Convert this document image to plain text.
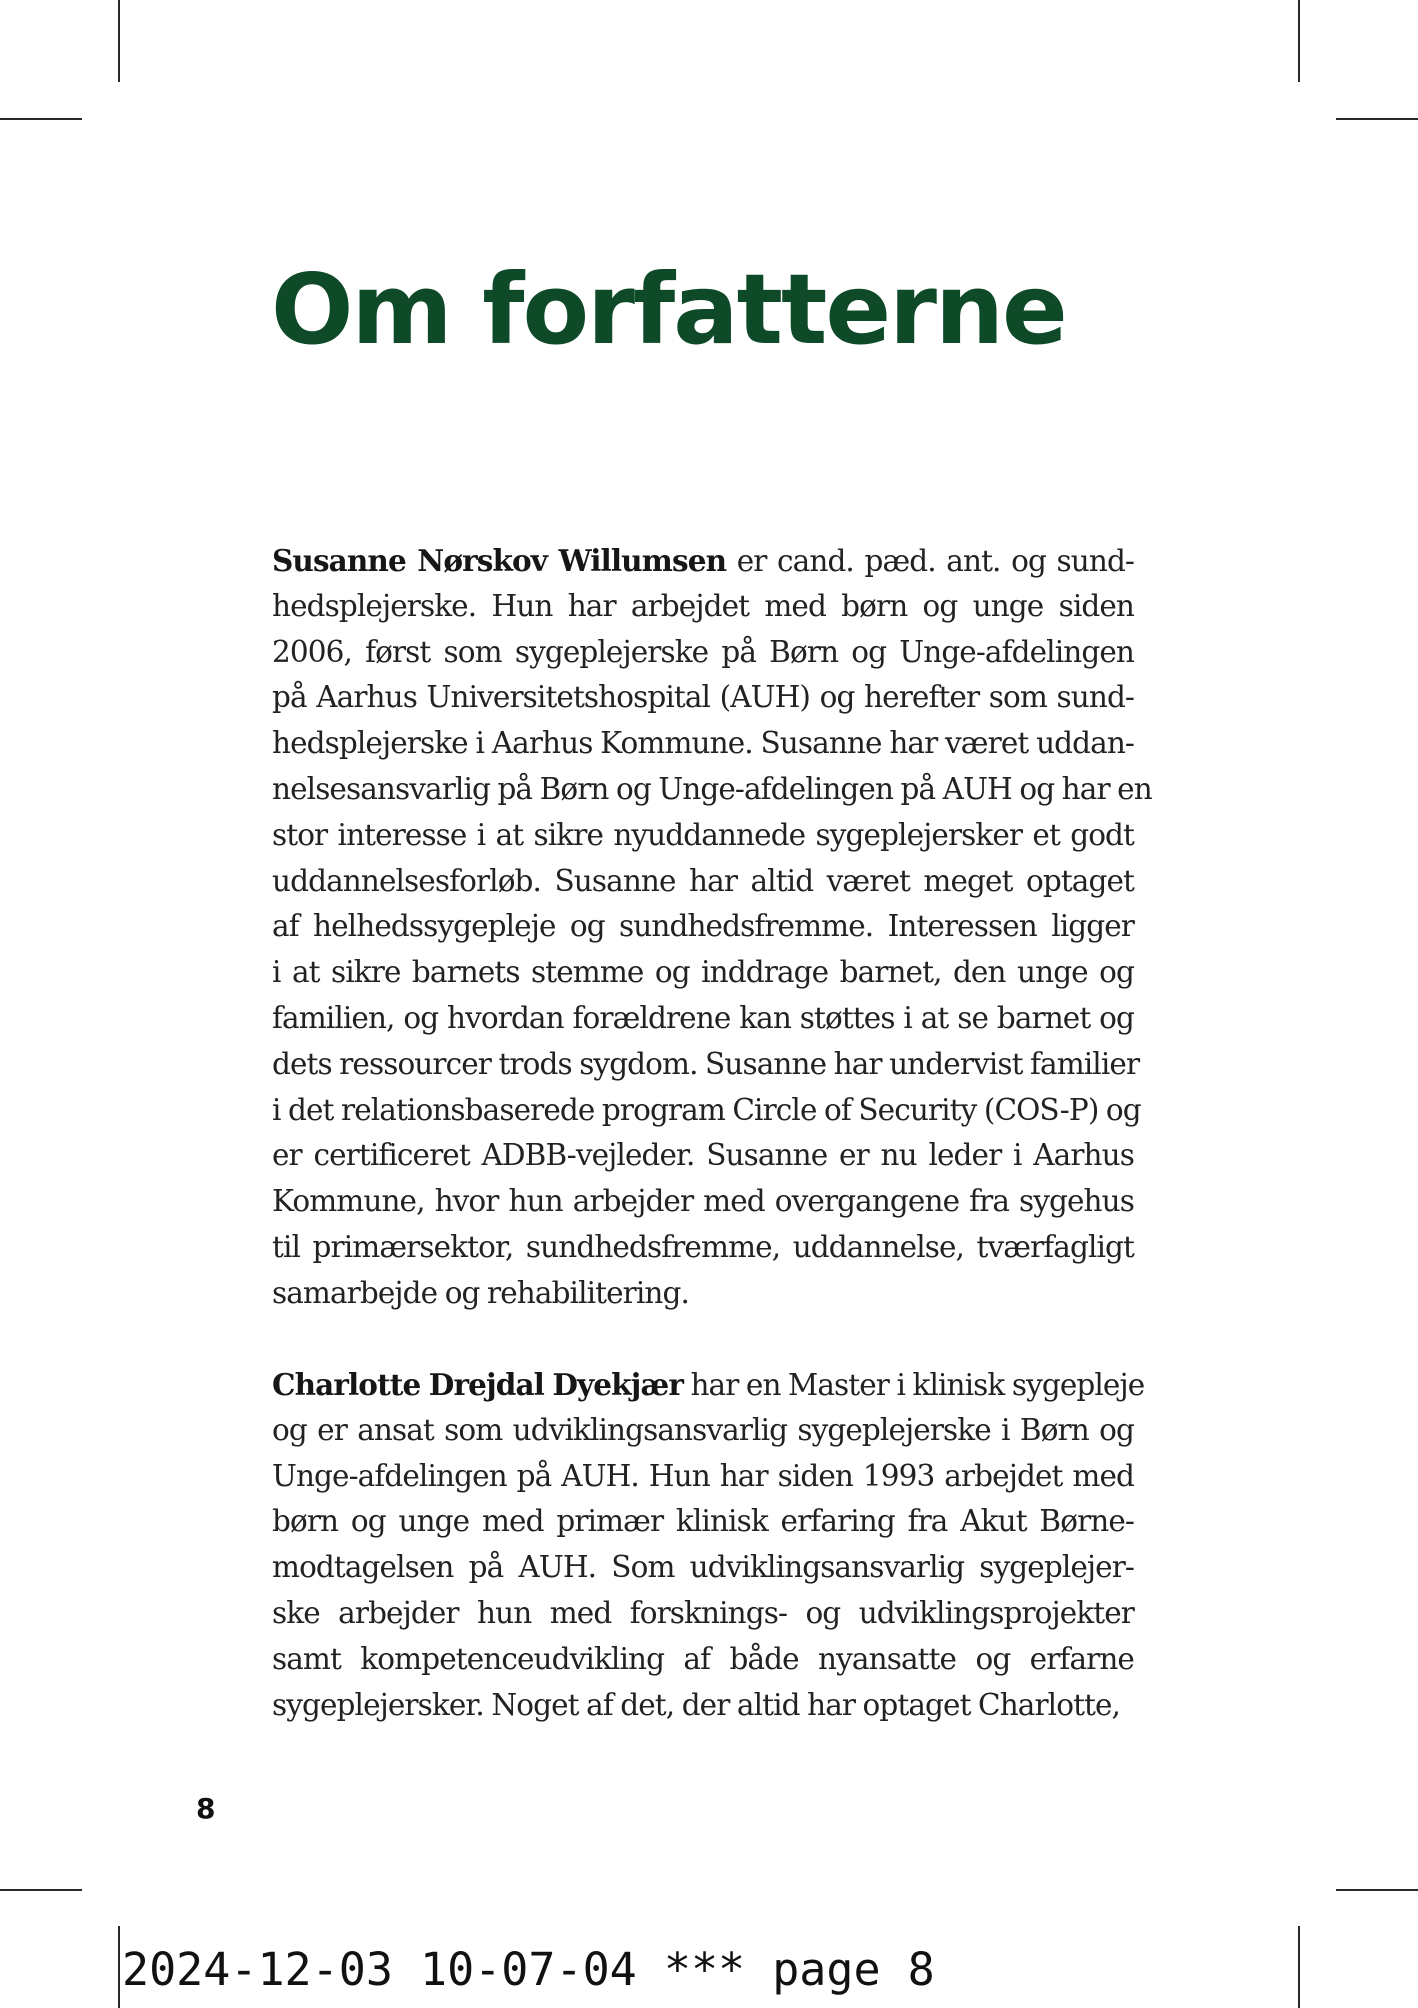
Om forfatterne
Susanne Nørskov Willumsen er cand. pæd. ant. og sund-
hedsplejerske. Hun har arbejdet med børn og unge siden
2006, først som sygeplejerske på Børn og Unge-afdelingen
på Aarhus Universitetshospital (AUH) og herefter som sund-
hedsplejerske i Aarhus Kommune. Susanne har været uddan-
nelsesansvarlig på Børn og Unge-afdelingen på AUH og har en
stor interesse i at sikre nyuddannede sygeplejersker et godt
uddannelsesforløb. Susanne har altid været meget optaget
af helhedssygepleje og sundhedsfremme. Interessen ligger
i at sikre barnets stemme og inddrage barnet, den unge og
familien, og hvordan forældrene kan støttes i at se barnet og
dets ressourcer trods sygdom. Susanne har undervist familier
i det relationsbaserede program Circle of Security (COS-P) og
er certificeret ADBB-vejleder. Susanne er nu leder i Aarhus
Kommune, hvor hun arbejder med overgangene fra sygehus
til primærsektor, sundhedsfremme, uddannelse, tværfagligt
samarbejde og rehabilitering.
Charlotte Drejdal Dyekjær har en Master i klinisk sygepleje
og er ansat som udviklingsansvarlig sygeplejerske i Børn og
Unge-afdelingen på AUH. Hun har siden 1993 arbejdet med
børn og unge med primær klinisk erfaring fra Akut Børne-
modtagelsen på AUH. Som udviklingsansvarlig sygeplejer-
ske arbejder hun med forsknings- og udviklingsprojekter
samt kompetenceudvikling af både nyansatte og erfarne
sygeplejersker. Noget af det, der altid har optaget Charlotte,
8
2024-12-03 10-07-04 *** page 8
